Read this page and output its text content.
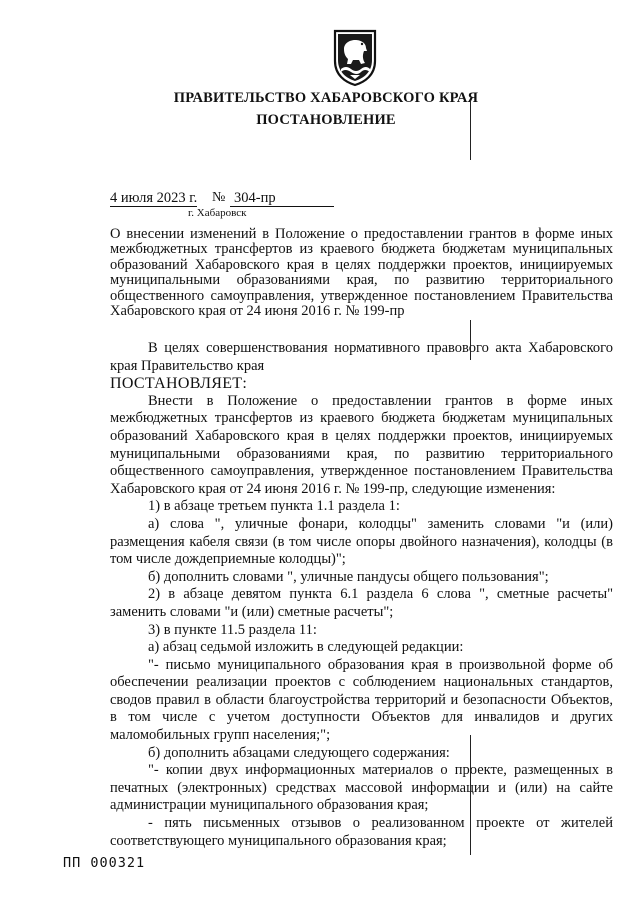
ПРАВИТЕЛЬСТВО ХАБАРОВСКОГО КРАЯ
ПОСТАНОВЛЕНИЕ
4 июля 2023 г. № 304-пр
г. Хабаровск
О внесении изменений в Положение о предоставлении грантов в форме иных межбюджетных трансфертов из краевого бюджета бюджетам муниципальных образований Хабаровского края в целях поддержки проектов, инициируемых муниципальными образованиями края, по развитию территориального общественного самоуправления, утвержденное постановлением Правительства Хабаровского края от 24 июня 2016 г. № 199-пр

В целях совершенствования нормативного правового акта Хабаровского края Правительство края

ПОСТАНОВЛЯЕТ:

Внести в Положение о предоставлении грантов в форме иных межбюджетных трансфертов из краевого бюджета бюджетам муниципальных образований Хабаровского края в целях поддержки проектов, инициируемых муниципальными образованиями края, по развитию территориального общественного самоуправления, утвержденное постановлением Правительства Хабаровского края от 24 июня 2016 г. № 199-пр, следующие изменения:

1) в абзаце третьем пункта 1.1 раздела 1:

а) слова ", уличные фонари, колодцы" заменить словами "и (или) размещения кабеля связи (в том числе опоры двойного назначения), колодцы (в том числе дождеприемные колодцы)";

б) дополнить словами ", уличные пандусы общего пользования";

2) в абзаце девятом пункта 6.1 раздела 6 слова ", сметные расчеты" заменить словами "и (или) сметные расчеты";

3) в пункте 11.5 раздела 11:

а) абзац седьмой изложить в следующей редакции:

"- письмо муниципального образования края в произвольной форме об обеспечении реализации проектов с соблюдением национальных стандартов, сводов правил в области благоустройства территорий и безопасности Объектов, в том числе с учетом доступности Объектов для инвалидов и других маломобильных групп населения;";

б) дополнить абзацами следующего содержания:

"- копии двух информационных материалов о проекте, размещенных в печатных (электронных) средствах массовой информации и (или) на сайте администрации муниципального образования края;

- пять письменных отзывов о реализованном проекте от жителей соответствующего муниципального образования края;

ПП 000321
